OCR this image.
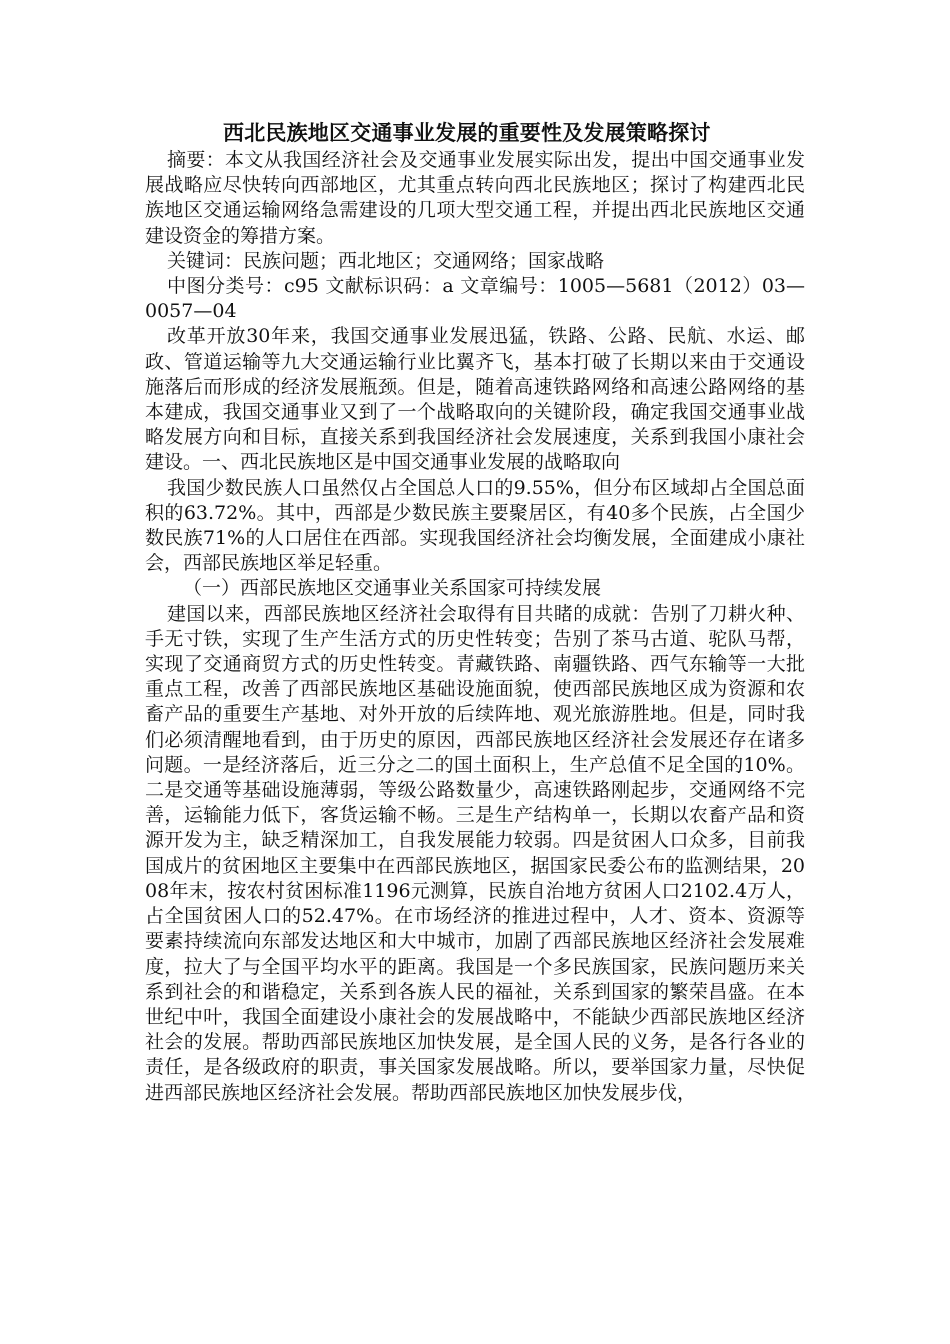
西北民族地区交通事业发展的重要性及发展策略探讨

摘要：本文从我国经济社会及交通事业发展实际出发，提出中国交通事业发展战略应尽快转向西部地区，尤其重点转向西北民族地区；探讨了构建西北民族地区交通运输网络急需建设的几项大型交通工程，并提出西北民族地区交通建设资金的筹措方案。

关键词：民族问题；西北地区；交通网络；国家战略

中图分类号：c95 文献标识码：a 文章编号：1005—5681（2012）03—0057—04

改革开放30年来，我国交通事业发展迅猛，铁路、公路、民航、水运、邮政、管道运输等九大交通运输行业比翼齐飞，基本打破了长期以来由于交通设施落后而形成的经济发展瓶颈。但是，随着高速铁路网络和高速公路网络的基本建成，我国交通事业又到了一个战略取向的关键阶段，确定我国交通事业战略发展方向和目标，直接关系到我国经济社会发展速度，关系到我国小康社会建设。一、西北民族地区是中国交通事业发展的战略取向

我国少数民族人口虽然仅占全国总人口的9.55%，但分布区域却占全国总面积的63.72%。其中，西部是少数民族主要聚居区，有40多个民族，占全国少数民族71%的人口居住在西部。实现我国经济社会均衡发展，全面建成小康社会，西部民族地区举足轻重。

（一）西部民族地区交通事业关系国家可持续发展

建国以来，西部民族地区经济社会取得有目共睹的成就：告别了刀耕火种、手无寸铁，实现了生产生活方式的历史性转变；告别了茶马古道、驼队马帮，实现了交通商贸方式的历史性转变。青藏铁路、南疆铁路、西气东输等一大批重点工程，改善了西部民族地区基础设施面貌，使西部民族地区成为资源和农畜产品的重要生产基地、对外开放的后续阵地、观光旅游胜地。但是，同时我们必须清醒地看到，由于历史的原因，西部民族地区经济社会发展还存在诸多问题。一是经济落后，近三分之二的国土面积上，生产总值不足全国的10%。二是交通等基础设施薄弱，等级公路数量少，高速铁路刚起步，交通网络不完善，运输能力低下，客货运输不畅。三是生产结构单一，长期以农畜产品和资源开发为主，缺乏精深加工，自我发展能力较弱。四是贫困人口众多，目前我国成片的贫困地区主要集中在西部民族地区，据国家民委公布的监测结果，2008年末，按农村贫困标准1196元测算，民族自治地方贫困人口2102.4万人，占全国贫困人口的52.47%。在市场经济的推进过程中，人才、资本、资源等要素持续流向东部发达地区和大中城市，加剧了西部民族地区经济社会发展难度，拉大了与全国平均水平的距离。我国是一个多民族国家，民族问题历来关系到社会的和谐稳定，关系到各族人民的福祉，关系到国家的繁荣昌盛。在本世纪中叶，我国全面建设小康社会的发展战略中，不能缺少西部民族地区经济社会的发展。帮助西部民族地区加快发展，是全国人民的义务，是各行各业的责任，是各级政府的职责，事关国家发展战略。所以，要举国家力量，尽快促进西部民族地区经济社会发展。帮助西部民族地区加快发展步伐，
